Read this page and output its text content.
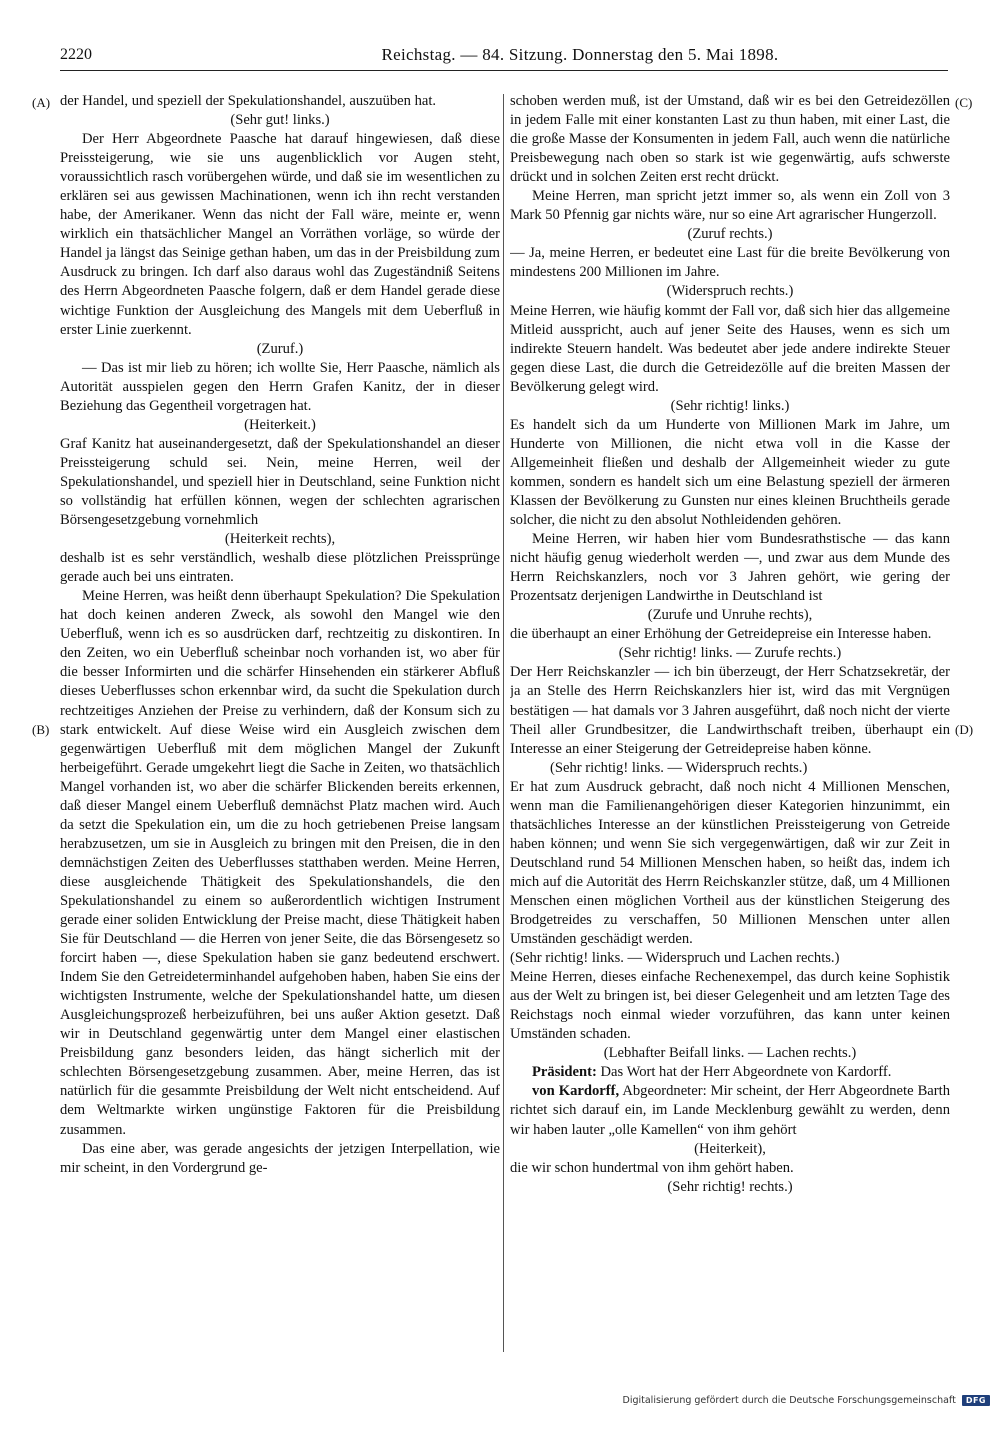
2220	Reichstag. — 84. Sitzung. Donnerstag den 5. Mai 1898.
(A)
(B)
(C)
(D)

der Handel, und speziell der Spekulationshandel, auszuüben hat.

(Sehr gut! links.)

Der Herr Abgeordnete Paasche hat darauf hingewiesen, daß diese Preissteigerung, wie sie uns augenblicklich vor Augen steht, voraussichtlich rasch vorübergehen würde, und daß sie im wesentlichen zu erklären sei aus gewissen Machinationen, wenn ich ihn recht verstanden habe, der Amerikaner. Wenn das nicht der Fall wäre, meinte er, wenn wirklich ein thatsächlicher Mangel an Vorräthen vorläge, so würde der Handel ja längst das Seinige gethan haben, um das in der Preisbildung zum Ausdruck zu bringen. Ich darf also daraus wohl das Zugeständniß Seitens des Herrn Abgeordneten Paasche folgern, daß er dem Handel gerade diese wichtige Funktion der Ausgleichung des Mangels mit dem Ueberfluß in erster Linie zuerkennt.

(Zuruf.)

— Das ist mir lieb zu hören; ich wollte Sie, Herr Paasche, nämlich als Autorität ausspielen gegen den Herrn Grafen Kanitz, der in dieser Beziehung das Gegentheil vorgetragen hat.

(Heiterkeit.)

Graf Kanitz hat auseinandergesetzt, daß der Spekulationshandel an dieser Preissteigerung schuld sei. Nein, meine Herren, weil der Spekulationshandel, und speziell hier in Deutschland, seine Funktion nicht so vollständig hat erfüllen können, wegen der schlechten agrarischen Börsengesetzgebung vornehmlich

(Heiterkeit rechts),

deshalb ist es sehr verständlich, weshalb diese plötzlichen Preissprünge gerade auch bei uns eintraten.

Meine Herren, was heißt denn überhaupt Spekulation? Die Spekulation hat doch keinen anderen Zweck, als sowohl den Mangel wie den Ueberfluß, wenn ich es so ausdrücken darf, rechtzeitig zu diskontiren. In den Zeiten, wo ein Ueberfluß scheinbar noch vorhanden ist, wo aber für die besser Informirten und die schärfer Hinsehenden ein stärkerer Abfluß dieses Ueberflusses schon erkennbar wird, da sucht die Spekulation durch rechtzeitiges Anziehen der Preise zu verhindern, daß der Konsum sich zu stark entwickelt. Auf diese Weise wird ein Ausgleich zwischen dem gegenwärtigen Ueberfluß mit dem möglichen Mangel der Zukunft herbeigeführt. Gerade umgekehrt liegt die Sache in Zeiten, wo thatsächlich Mangel vorhanden ist, wo aber die schärfer Blickenden bereits erkennen, daß dieser Mangel einem Ueberfluß demnächst Platz machen wird. Auch da setzt die Spekulation ein, um die zu hoch getriebenen Preise langsam herabzusetzen, um sie in Ausgleich zu bringen mit den Preisen, die in den demnächstigen Zeiten des Ueberflusses statthaben werden. Meine Herren, diese ausgleichende Thätigkeit des Spekulationshandels, die den Spekulationshandel zu einem so außerordentlich wichtigen Instrument gerade einer soliden Entwicklung der Preise macht, diese Thätigkeit haben Sie für Deutschland — die Herren von jener Seite, die das Börsengesetz so forcirt haben —, diese Spekulation haben sie ganz bedeutend erschwert. Indem Sie den Getreideterminhandel aufgehoben haben, haben Sie eins der wichtigsten Instrumente, welche der Spekulationshandel hatte, um diesen Ausgleichungsprozeß herbeizuführen, bei uns außer Aktion gesetzt. Daß wir in Deutschland gegenwärtig unter dem Mangel einer elastischen Preisbildung ganz besonders leiden, das hängt sicherlich mit der schlechten Börsengesetzgebung zusammen. Aber, meine Herren, das ist natürlich für die gesammte Preisbildung der Welt nicht entscheidend. Auf dem Weltmarkte wirken ungünstige Faktoren für die Preisbildung zusammen.

Das eine aber, was gerade angesichts der jetzigen Interpellation, wie mir scheint, in den Vordergrund ge-

schoben werden muß, ist der Umstand, daß wir es bei den Getreidezöllen in jedem Falle mit einer konstanten Last zu thun haben, mit einer Last, die die große Masse der Konsumenten in jedem Fall, auch wenn die natürliche Preisbewegung nach oben so stark ist wie gegenwärtig, aufs schwerste drückt und in solchen Zeiten erst recht drückt.

Meine Herren, man spricht jetzt immer so, als wenn ein Zoll von 3 Mark 50 Pfennig gar nichts wäre, nur so eine Art agrarischer Hungerzoll.

(Zuruf rechts.)

— Ja, meine Herren, er bedeutet eine Last für die breite Bevölkerung von mindestens 200 Millionen im Jahre.

(Widerspruch rechts.)

Meine Herren, wie häufig kommt der Fall vor, daß sich hier das allgemeine Mitleid ausspricht, auch auf jener Seite des Hauses, wenn es sich um indirekte Steuern handelt. Was bedeutet aber jede andere indirekte Steuer gegen diese Last, die durch die Getreidezölle auf die breiten Massen der Bevölkerung gelegt wird.

(Sehr richtig! links.)

Es handelt sich da um Hunderte von Millionen Mark im Jahre, um Hunderte von Millionen, die nicht etwa voll in die Kasse der Allgemeinheit fließen und deshalb der Allgemeinheit wieder zu gute kommen, sondern es handelt sich um eine Belastung speziell der ärmeren Klassen der Bevölkerung zu Gunsten nur eines kleinen Bruchtheils gerade solcher, die nicht zu den absolut Nothleidenden gehören.

Meine Herren, wir haben hier vom Bundesrathstische — das kann nicht häufig genug wiederholt werden —, und zwar aus dem Munde des Herrn Reichskanzlers, noch vor 3 Jahren gehört, wie gering der Prozentsatz derjenigen Landwirthe in Deutschland ist

(Zurufe und Unruhe rechts),

die überhaupt an einer Erhöhung der Getreidepreise ein Interesse haben.

(Sehr richtig! links. — Zurufe rechts.)

Der Herr Reichskanzler — ich bin überzeugt, der Herr Schatzsekretär, der ja an Stelle des Herrn Reichskanzlers hier ist, wird das mit Vergnügen bestätigen — hat damals vor 3 Jahren ausgeführt, daß noch nicht der vierte Theil aller Grundbesitzer, die Landwirthschaft treiben, überhaupt ein Interesse an einer Steigerung der Getreidepreise haben könne.

(Sehr richtig! links. — Widerspruch rechts.)

Er hat zum Ausdruck gebracht, daß noch nicht 4 Millionen Menschen, wenn man die Familienangehörigen dieser Kategorien hinzunimmt, ein thatsächliches Interesse an der künstlichen Preissteigerung von Getreide haben können; und wenn Sie sich vergegenwärtigen, daß wir zur Zeit in Deutschland rund 54 Millionen Menschen haben, so heißt das, indem ich mich auf die Autorität des Herrn Reichskanzler stütze, daß, um 4 Millionen Menschen einen möglichen Vortheil aus der künstlichen Steigerung des Brodgetreides zu verschaffen, 50 Millionen Menschen unter allen Umständen geschädigt werden.

(Sehr richtig! links. — Widerspruch und Lachen rechts.)

Meine Herren, dieses einfache Rechenexempel, das durch keine Sophistik aus der Welt zu bringen ist, bei dieser Gelegenheit und am letzten Tage des Reichstags noch einmal wieder vorzuführen, das kann unter keinen Umständen schaden.

(Lebhafter Beifall links. — Lachen rechts.)

Präsident: Das Wort hat der Herr Abgeordnete von Kardorff.

von Kardorff, Abgeordneter: Mir scheint, der Herr Abgeordnete Barth richtet sich darauf ein, im Lande Mecklenburg gewählt zu werden, denn wir haben lauter „olle Kamellen“ von ihm gehört

(Heiterkeit),

die wir schon hundertmal von ihm gehört haben.

(Sehr richtig! rechts.)

Digitalisierung gefördert durch die Deutsche Forschungsgemeinschaft	DFG
